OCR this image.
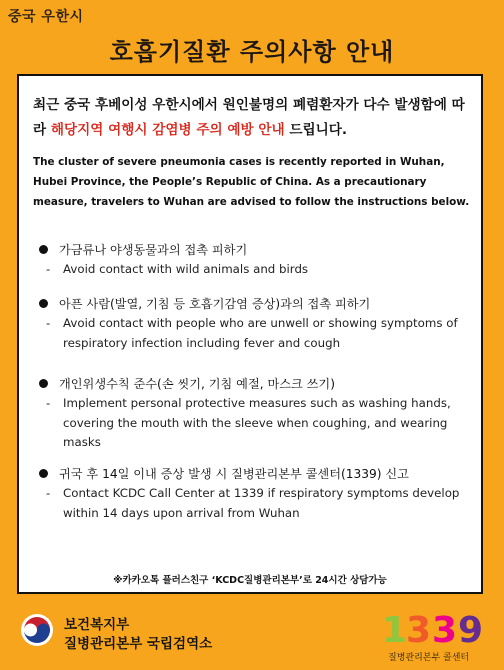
중국 우한시
호흡기질환 주의사항 안내
최근 중국 후베이성 우한시에서 원인불명의 폐렴환자가 다수 발생함에 따라 해당지역 여행시 감염병 주의 예방 안내 드립니다.
The cluster of severe pneumonia cases is recently reported in Wuhan, Hubei Province, the People’s Republic of China. As a precautionary measure, travelers to Wuhan are advised to follow the instructions below.
가금류나 야생동물과의 접촉 피하기
- Avoid contact with wild animals and birds
아픈 사람(발열, 기침 등 호흡기감염 증상)과의 접촉 피하기
- Avoid contact with people who are unwell or showing symptoms of respiratory infection including fever and cough
개인위생수칙 준수(손 씻기, 기침 예절, 마스크 쓰기)
- Implement personal protective measures such as washing hands, covering the mouth with the sleeve when coughing, and wearing masks
귀국 후 14일 이내 증상 발생 시 질병관리본부 콜센터(1339) 신고
- Contact KCDC Call Center at 1339 if respiratory symptoms develop within 14 days upon arrival from Wuhan
※카카오톡 플러스친구 ‘KCDC질병관리본부’로 24시간 상담가능
보건복지부
질병관리본부 국립검역소	1
3 3 9
질병관리본부 콜센터
